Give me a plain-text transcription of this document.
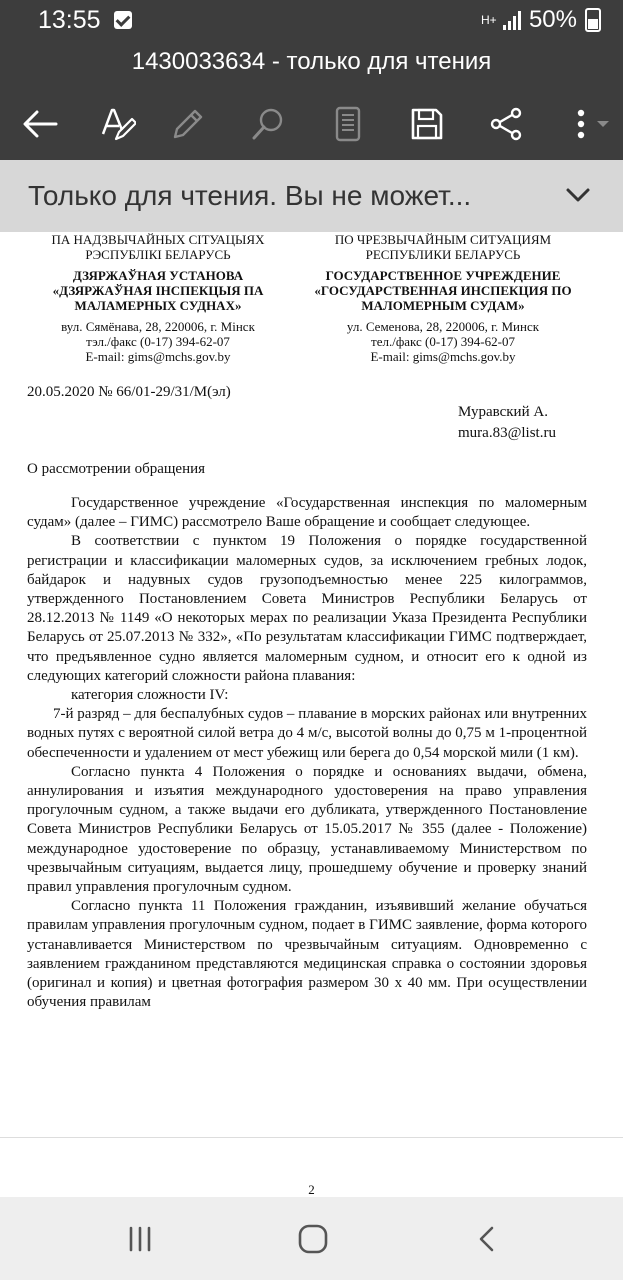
13:55	H+ 50%
1430033634 - только для чтения
Только для чтения. Вы не может...
ПА НАДЗВЫЧАЙНЫХ СІТУАЦЫЯХ
РЭСПУБЛІКІ БЕЛАРУСЬ
ДЗЯРЖАЎНАЯ УСТАНОВА
«ДЗЯРЖАЎНАЯ ІНСПЕКЦЫЯ ПА
МАЛАМЕРНЫХ СУДНАХ»
вул. Сямёнава, 28, 220006, г. Мінск
тэл./факс (0-17) 394-62-07
E-mail: gims@mchs.gov.by
ПО ЧРЕЗВЫЧАЙНЫМ СИТУАЦИЯМ
РЕСПУБЛИКИ БЕЛАРУСЬ
ГОСУДАРСТВЕННОЕ УЧРЕЖДЕНИЕ
«ГОСУДАРСТВЕННАЯ ИНСПЕКЦИЯ ПО
МАЛОМЕРНЫМ СУДАМ»
ул. Семенова, 28, 220006, г. Минск
тел./факс (0-17) 394-62-07
E-mail: gims@mchs.gov.by
20.05.2020 № 66/01-29/31/М(эл)
Муравский А.
mura.83@list.ru
О рассмотрении обращения

Государственное учреждение «Государственная инспекция по маломерным судам» (далее – ГИМС) рассмотрело Ваше обращение и сообщает следующее.

В соответствии с пунктом 19 Положения о порядке государственной регистрации и классификации маломерных судов, за исключением гребных лодок, байдарок и надувных судов грузоподъемностью менее 225 килограммов, утвержденного Постановлением Совета Министров Республики Беларусь от 28.12.2013 № 1149 «О некоторых мерах по реализации Указа Президента Республики Беларусь от 25.07.2013 № 332», «По результатам классификации ГИМС подтверждает, что предъявленное судно является маломерным судном, и относит его к одной из следующих категорий сложности района плавания:

категория сложности IV:

7-й разряд – для беспалубных судов – плавание в морских районах или внутренних водных путях с вероятной силой ветра до 4 м/с, высотой волны до 0,75 м 1-процентной обеспеченности и удалением от мест убежищ или берега до 0,54 морской мили (1 км).

Согласно пункта 4 Положения о порядке и основаниях выдачи, обмена, аннулирования и изъятия международного удостоверения на право управления прогулочным судном, а также выдачи его дубликата, утвержденного Постановление Совета Министров Республики Беларусь от 15.05.2017 № 355 (далее - Положение) международное удостоверение по образцу, устанавливаемому Министерством по чрезвычайным ситуациям, выдается лицу, прошедшему обучение и проверку знаний правил управления прогулочным судном.

Согласно пункта 11 Положения гражданин, изъявивший желание обучаться правилам управления прогулочным судном, подает в ГИМС заявление, форма которого устанавливается Министерством по чрезвычайным ситуациям. Одновременно с заявлением гражданином представляются медицинская справка о состоянии здоровья (оригинал и копия) и цветная фотография размером 30 х 40 мм. При осуществлении обучения правилам

2
